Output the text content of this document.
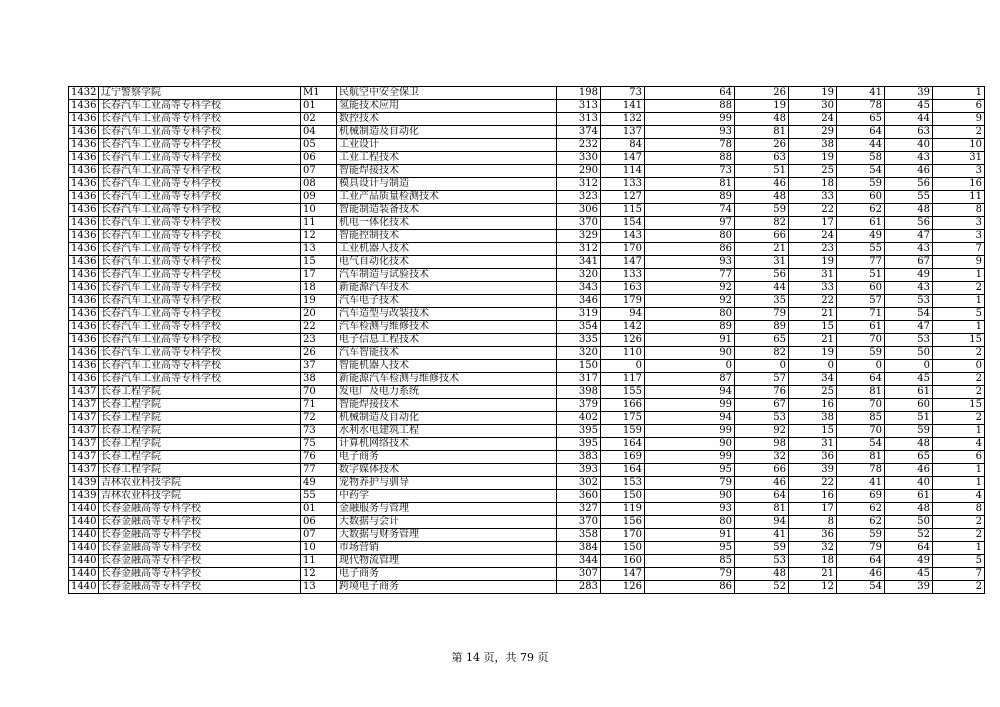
1432	辽宁警察学院	M1	民航空中安全保卫	198	73	64	26	19	41	39	1
1436	长春汽车工业高等专科学校	01	氢能技术应用	313	141	88	19	30	78	45	6
1436	长春汽车工业高等专科学校	02	数控技术	313	132	99	48	24	65	44	9
1436	长春汽车工业高等专科学校	04	机械制造及自动化	374	137	93	81	29	64	63	2
1436	长春汽车工业高等专科学校	05	工业设计	232	84	78	26	38	44	40	10
1436	长春汽车工业高等专科学校	06	工业工程技术	330	147	88	63	19	58	43	31
1436	长春汽车工业高等专科学校	07	智能焊接技术	290	114	73	51	25	54	46	3
1436	长春汽车工业高等专科学校	08	模具设计与制造	312	133	81	46	18	59	56	16
1436	长春汽车工业高等专科学校	09	工业产品质量检测技术	323	127	89	48	33	60	55	11
1436	长春汽车工业高等专科学校	10	智能制造装备技术	306	115	74	59	22	62	48	8
1436	长春汽车工业高等专科学校	11	机电一体化技术	370	154	97	82	17	61	56	3
1436	长春汽车工业高等专科学校	12	智能控制技术	329	143	80	66	24	49	47	3
1436	长春汽车工业高等专科学校	13	工业机器人技术	312	170	86	21	23	55	43	7
1436	长春汽车工业高等专科学校	15	电气自动化技术	341	147	93	31	19	77	67	9
1436	长春汽车工业高等专科学校	17	汽车制造与试验技术	320	133	77	56	31	51	49	1
1436	长春汽车工业高等专科学校	18	新能源汽车技术	343	163	92	44	33	60	43	2
1436	长春汽车工业高等专科学校	19	汽车电子技术	346	179	92	35	22	57	53	1
1436	长春汽车工业高等专科学校	20	汽车造型与改装技术	319	94	80	79	21	71	54	5
1436	长春汽车工业高等专科学校	22	汽车检测与维修技术	354	142	89	89	15	61	47	1
1436	长春汽车工业高等专科学校	23	电子信息工程技术	335	126	91	65	21	70	53	15
1436	长春汽车工业高等专科学校	26	汽车智能技术	320	110	90	82	19	59	50	2
1436	长春汽车工业高等专科学校	37	智能机器人技术	150	0	0	0	0	0	0	0
1436	长春汽车工业高等专科学校	38	新能源汽车检测与维修技术	317	117	87	57	34	64	45	2
1437	长春工程学院	70	发电厂及电力系统	398	155	94	76	25	81	61	2
1437	长春工程学院	71	智能焊接技术	379	166	99	67	16	70	60	15
1437	长春工程学院	72	机械制造及自动化	402	175	94	53	38	85	51	2
1437	长春工程学院	73	水利水电建筑工程	395	159	99	92	15	70	59	1
1437	长春工程学院	75	计算机网络技术	395	164	90	98	31	54	48	4
1437	长春工程学院	76	电子商务	383	169	99	32	36	81	65	6
1437	长春工程学院	77	数字媒体技术	393	164	95	66	39	78	46	1
1439	吉林农业科技学院	49	宠物养护与驯导	302	153	79	46	22	41	40	1
1439	吉林农业科技学院	55	中药学	360	150	90	64	16	69	61	4
1440	长春金融高等专科学校	01	金融服务与管理	327	119	93	81	17	62	48	8
1440	长春金融高等专科学校	06	大数据与会计	370	156	80	94	8	62	50	2
1440	长春金融高等专科学校	07	大数据与财务管理	358	170	91	41	36	59	52	2
1440	长春金融高等专科学校	10	市场营销	384	150	95	59	32	79	64	1
1440	长春金融高等专科学校	11	现代物流管理	344	160	85	53	18	64	49	5
1440	长春金融高等专科学校	12	电子商务	307	147	79	48	21	46	45	7
1440	长春金融高等专科学校	13	跨境电子商务	283	126	86	52	12	54	39	2
第 14 页，共 79 页
